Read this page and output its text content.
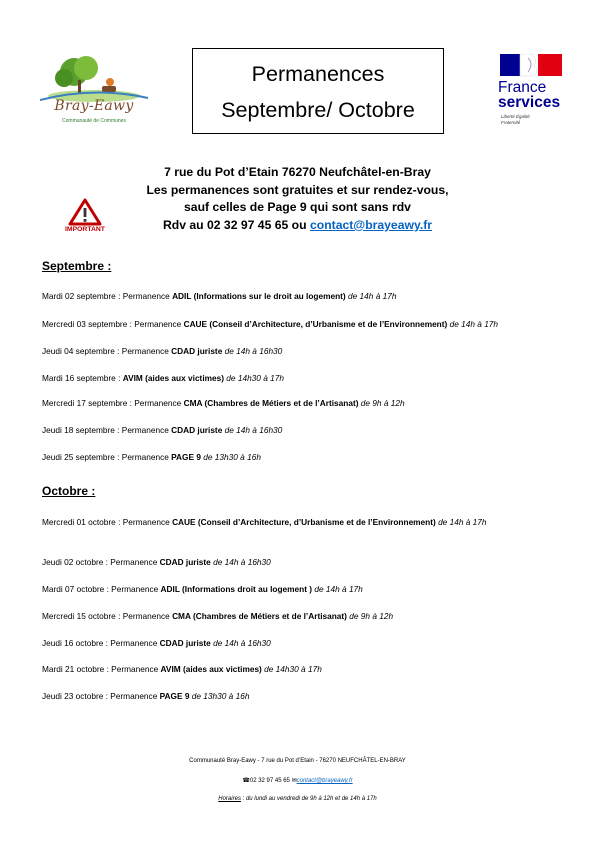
Bray-Eawy
Communauté de Communes
Permanences
Septembre/ Octobre
France
services
Liberté Égalité Fraternité
7 rue du Pot d’Etain 76270 Neufchâtel-en-Bray
Les permanences sont gratuites et sur rendez-vous,
sauf celles de Page 9 qui sont sans rdv
Rdv au 02 32 97 45 65 ou contact@brayeawy.fr
IMPORTANT
Septembre :
Mardi 02 septembre : Permanence ADIL (Informations sur le droit au logement) de 14h à 17h
Mercredi 03 septembre : Permanence CAUE (Conseil d’Architecture, d’Urbanisme et de l’Environnement) de 14h à 17h
Jeudi 04 septembre : Permanence CDAD juriste de 14h à 16h30
Mardi 16 septembre : AVIM (aides aux victimes) de 14h30 à 17h
Mercredi 17 septembre : Permanence CMA (Chambres de Métiers et de l’Artisanat) de 9h à 12h
Jeudi 18 septembre : Permanence CDAD juriste de 14h à 16h30
Jeudi 25 septembre : Permanence PAGE 9 de 13h30 à 16h
Octobre :
Mercredi 01 octobre : Permanence CAUE (Conseil d’Architecture, d’Urbanisme et de l’Environnement) de 14h à 17h
Jeudi 02 octobre : Permanence CDAD juriste de 14h à 16h30
Mardi 07 octobre : Permanence ADIL (Informations droit au logement ) de 14h à 17h
Mercredi 15 octobre : Permanence CMA (Chambres de Métiers et de l’Artisanat) de 9h à 12h
Jeudi 16 octobre : Permanence CDAD juriste de 14h à 16h30
Mardi 21 octobre : Permanence AVIM (aides aux victimes) de 14h30 à 17h
Jeudi 23 octobre : Permanence PAGE 9 de 13h30 à 16h
Communauté Bray-Eawy - 7 rue du Pot d’Etain - 76270 NEUFCHÂTEL-EN-BRAY
☎02 32 97 45 65 ✉contact@brayeawy.fr
Horaires : du lundi au vendredi de 9h à 12h et de 14h à 17h
